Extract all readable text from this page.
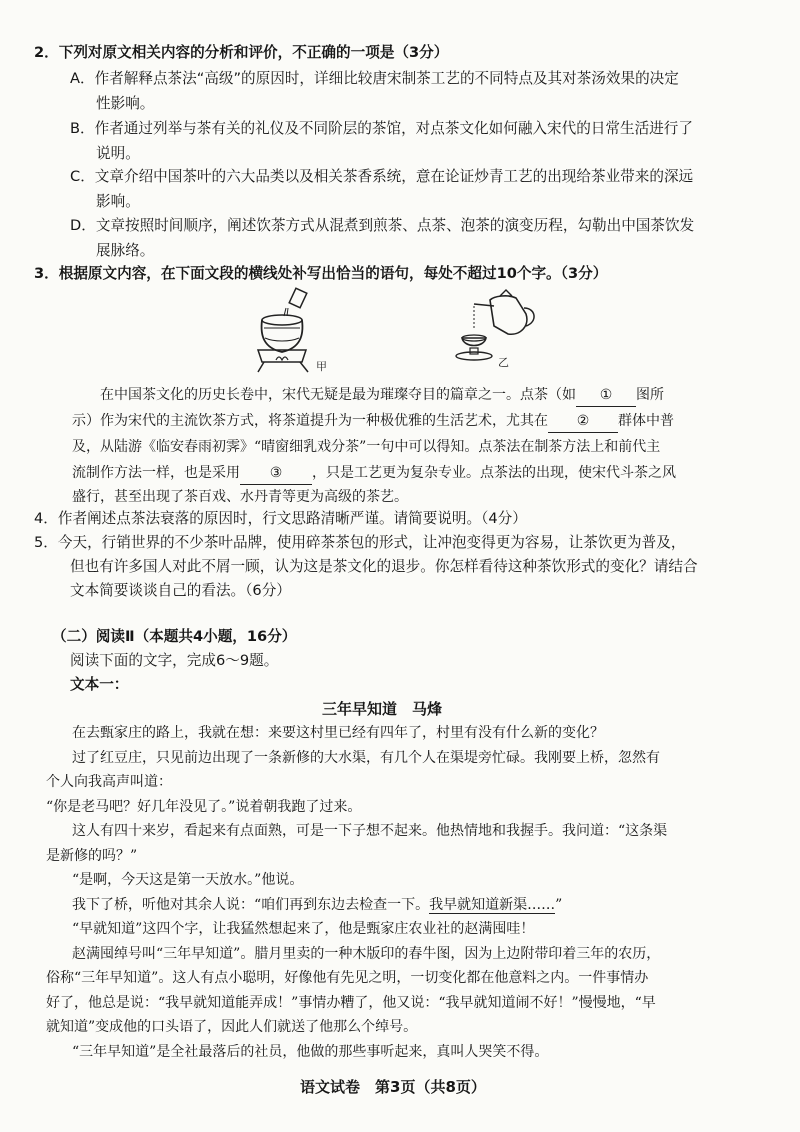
2．下列对原文相关内容的分析和评价，不正确的一项是（3分）
A．作者解释点茶法“高级”的原因时，详细比较唐宋制茶工艺的不同特点及其对茶汤效果的决定
性影响。
B．作者通过列举与茶有关的礼仪及不同阶层的茶馆，对点茶文化如何融入宋代的日常生活进行了
说明。
C．文章介绍中国茶叶的六大品类以及相关茶香系统，意在论证炒青工艺的出现给茶业带来的深远
影响。
D．文章按照时间顺序，阐述饮茶方式从混煮到煎茶、点茶、泡茶的演变历程，勾勒出中国茶饮发
展脉络。
3．根据原文内容，在下面文段的横线处补写出恰当的语句，每处不超过10个字。（3分）
甲	乙
在中国茶文化的历史长卷中，宋代无疑是最为璀璨夺目的篇章之一。点茶（如 ① 图所
示）作为宋代的主流饮茶方式，将茶道提升为一种极优雅的生活艺术，尤其在 ② 群体中普
及，从陆游《临安春雨初霁》“晴窗细乳戏分茶”一句中可以得知。点茶法在制茶方法上和前代主
流制作方法一样，也是采用 ③ ，只是工艺更为复杂专业。点茶法的出现，使宋代斗茶之风
盛行，甚至出现了茶百戏、水丹青等更为高级的茶艺。
4．作者阐述点茶法衰落的原因时，行文思路清晰严谨。请简要说明。（4分）
5．今天，行销世界的不少茶叶品牌，使用碎茶茶包的形式，让冲泡变得更为容易，让茶饮更为普及，
但也有许多国人对此不屑一顾，认为这是茶文化的退步。你怎样看待这种茶饮形式的变化？请结合
文本简要谈谈自己的看法。（6分）
（二）阅读Ⅱ（本题共4小题，16分）
阅读下面的文字，完成6～9题。
文本一：
三年早知道　马烽
在去甄家庄的路上，我就在想：来要这村里已经有四年了，村里有没有什么新的变化？
过了红豆庄，只见前边出现了一条新修的大水渠，有几个人在渠堤旁忙碌。我刚要上桥，忽然有
个人向我高声叫道：
“你是老马吧？好几年没见了。”说着朝我跑了过来。
这人有四十来岁，看起来有点面熟，可是一下子想不起来。他热情地和我握手。我问道：“这条渠
是新修的吗？”
“是啊，今天这是第一天放水。”他说。
我下了桥，听他对其余人说：“咱们再到东边去检查一下。我早就知道新渠……”
“早就知道”这四个字，让我猛然想起来了，他是甄家庄农业社的赵满囤哇！
赵满囤绰号叫“三年早知道”。腊月里卖的一种木版印的春牛图，因为上边附带印着三年的农历，
俗称“三年早知道”。这人有点小聪明，好像他有先见之明，一切变化都在他意料之内。一件事情办
好了，他总是说：“我早就知道能弄成！”事情办糟了，他又说：“我早就知道闹不好！”慢慢地，“早
就知道”变成他的口头语了，因此人们就送了他那么个绰号。
“三年早知道”是全社最落后的社员，他做的那些事听起来，真叫人哭笑不得。
语文试卷　第3页（共8页）
